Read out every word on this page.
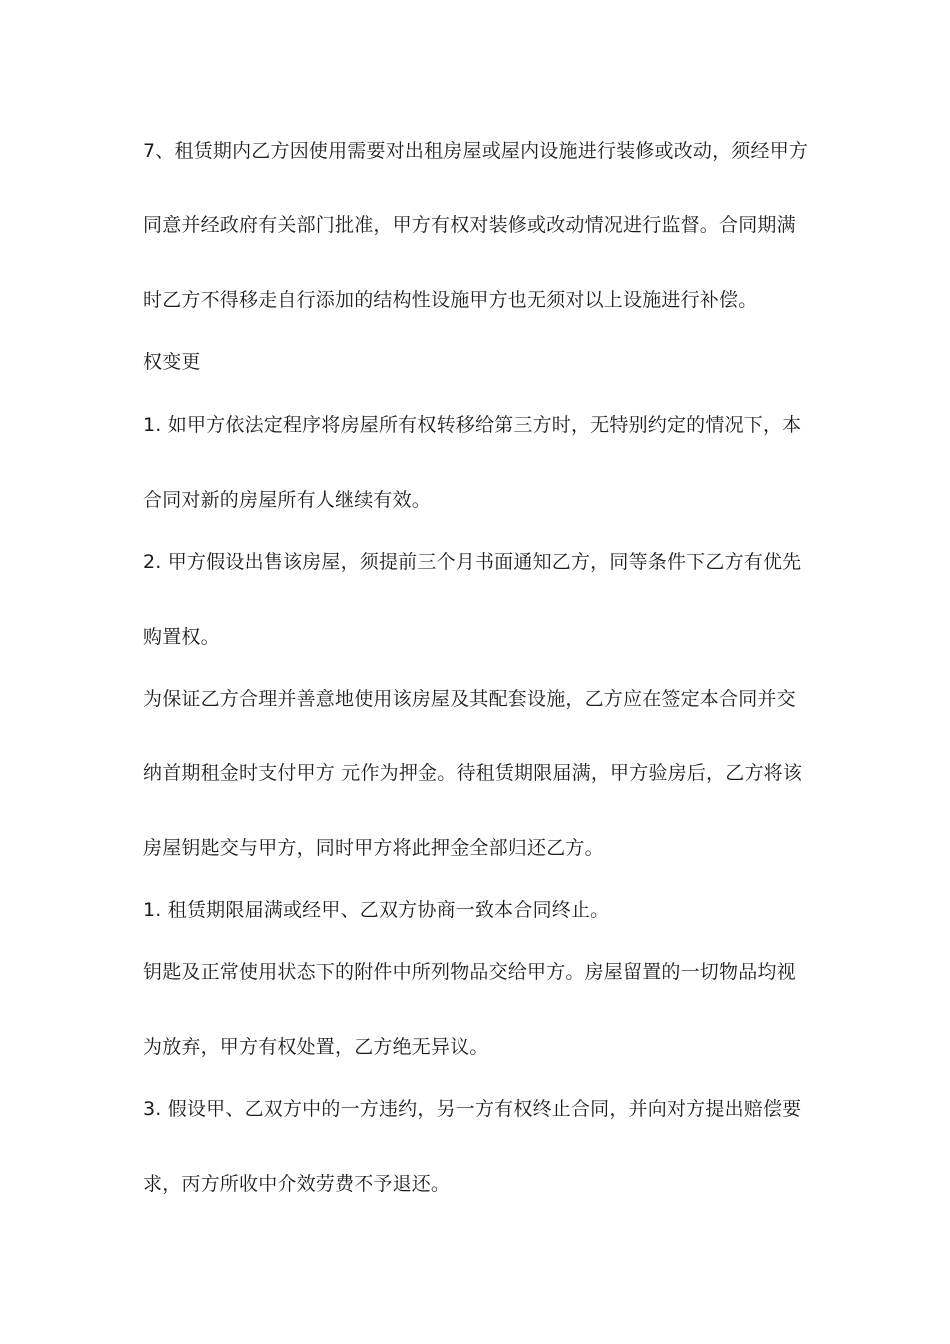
7、租赁期内乙方因使用需要对出租房屋或屋内设施进行装修或改动，须经甲方
同意并经政府有关部门批准，甲方有权对装修或改动情况进行监督。合同期满
时乙方不得移走自行添加的结构性设施甲方也无须对以上设施进行补偿。
权变更
1. 如甲方依法定程序将房屋所有权转移给第三方时，无特别约定的情况下，本
合同对新的房屋所有人继续有效。
2. 甲方假设出售该房屋，须提前三个月书面通知乙方，同等条件下乙方有优先
购置权。
为保证乙方合理并善意地使用该房屋及其配套设施，乙方应在签定本合同并交
纳首期租金时支付甲方 元作为押金。待租赁期限届满，甲方验房后，乙方将该
房屋钥匙交与甲方，同时甲方将此押金全部归还乙方。
1. 租赁期限届满或经甲、乙双方协商一致本合同终止。
钥匙及正常使用状态下的附件中所列物品交给甲方。房屋留置的一切物品均视
为放弃，甲方有权处置，乙方绝无异议。
3. 假设甲、乙双方中的一方违约，另一方有权终止合同，并向对方提出赔偿要
求，丙方所收中介效劳费不予退还。
